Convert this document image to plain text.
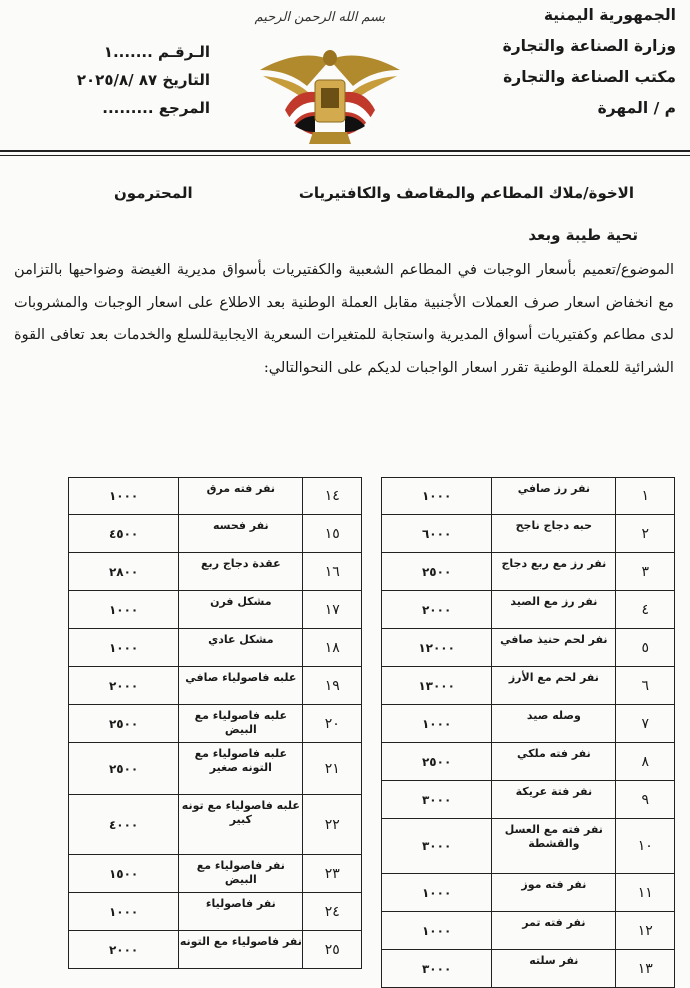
الجمهورية اليمنية
وزارة الصناعة والتجارة
مكتب الصناعة والتجارة
م / المهرة
بسم الله الرحمن الرحيم
الـرقـم .......١
التاريخ ٨٧ /٢٠٢٥/٨
المرجع .........
الاخوة/ملاك المطاعم والمقاصف والكافتيريات
المحترمون
تحية طيبة وبعد
الموضوع/تعميم بأسعار الوجبات في المطاعم الشعبية والكفتيريات بأسواق مديرية الغيضة وضواحيها بالتزامن مع انخفاض اسعار صرف العملات الأجنبية مقابل العملة الوطنية بعد الاطلاع على اسعار الوجبات والمشروبات لدى مطاعم وكفتيريات أسواق المديرية واستجابة للمتغيرات السعرية الايجابيةللسلع والخدمات بعد تعافى القوة الشرائية للعملة الوطنية تقرر اسعار الواجبات لديكم على النحوالتالي:
١	نفر رز صافي	١٠٠٠
٢	حبه دجاج ناجح	٦٠٠٠
٣	نفر رز مع ربع دجاج	٢٥٠٠
٤	نفر رز مع الصيد	٢٠٠٠
٥	نفر لحم حنيذ صافي	١٢٠٠٠
٦	نفر لحم مع الأرز	١٣٠٠٠
٧	وصله صيد	١٠٠٠
٨	نفر فته ملكي	٢٥٠٠
٩	نفر فتة عريكة	٣٠٠٠
١٠	نفر فته مع العسل والقشطة	٣٠٠٠
١١	نفر فته موز	١٠٠٠
١٢	نفر فته تمر	١٠٠٠
١٣	نفر سلته	٣٠٠٠
١٤	نفر فته مرق	١٠٠٠
١٥	نفر فحسه	٤٥٠٠
١٦	عقدة دجاج ربع	٢٨٠٠
١٧	مشكل فرن	١٠٠٠
١٨	مشكل عادي	١٠٠٠
١٩	علبه فاصولياء صافي	٢٠٠٠
٢٠	علبه فاصولياء مع البيض	٢٥٠٠
٢١	علبه فاصولياء مع التونه صغير	٢٥٠٠
٢٢	علبه فاصولياء مع تونه كبير	٤٠٠٠
٢٣	نفر فاصولياء مع البيض	١٥٠٠
٢٤	نفر فاصولياء	١٠٠٠
٢٥	نفر فاصولياء مع التونه	٢٠٠٠
